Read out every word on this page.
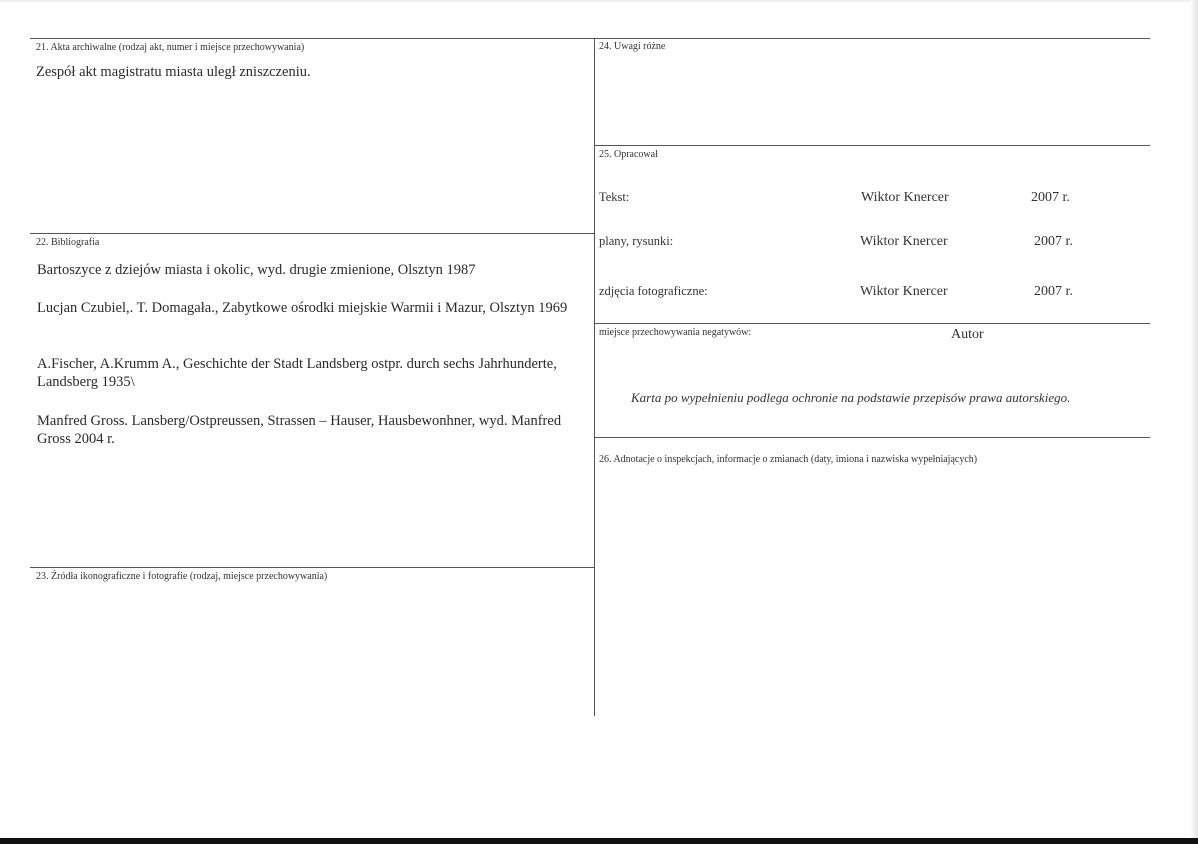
21. Akta archiwalne (rodzaj akt, numer i miejsce przechowywania)
Zespół akt magistratu miasta uległ zniszczeniu.
22. Bibliografia
Bartoszyce z dziejów miasta i okolic, wyd. drugie zmienione, Olsztyn 1987
Lucjan Czubiel,. T. Domagała., Zabytkowe ośrodki miejskie Warmii i Mazur, Olsztyn 1969
A.Fischer, A.Krumm A., Geschichte der Stadt Landsberg ostpr. durch sechs Jahrhunderte, Landsberg 1935\
Manfred Gross. Lansberg/Ostpreussen, Strassen – Hauser, Hausbewonhner, wyd. Manfred Gross 2004 r.
23. Źródła ikonograficzne i fotografie (rodzaj, miejsce przechowywania)
24. Uwagi różne
25. Opracował
Tekst:	Wiktor Knercer	2007 r.
plany, rysunki:	Wiktor Knercer	2007 r.
zdjęcia fotograficzne:	Wiktor Knercer	2007 r.
miejsce przechowywania negatywów:	Autor
Karta po wypełnieniu podlega ochronie na podstawie przepisów prawa autorskiego.
26. Adnotacje o inspekcjach, informacje o zmianach (daty, imiona i nazwiska wypełniających)
